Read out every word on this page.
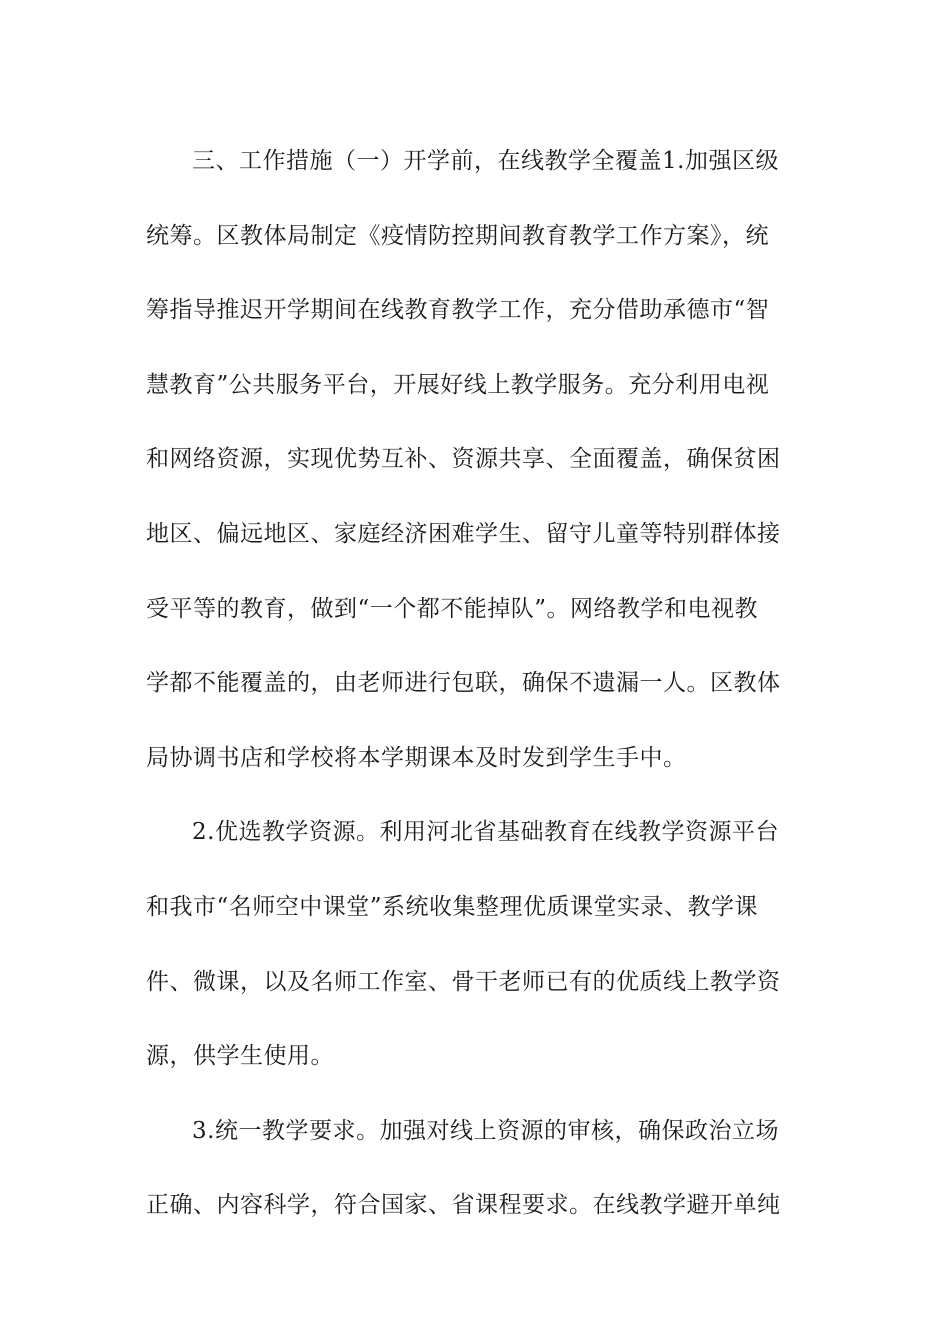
三、工作措施（一）开学前，在线教学全覆盖1.加强区级
统筹。区教体局制定《疫情防控期间教育教学工作方案》，统
筹指导推迟开学期间在线教育教学工作，充分借助承德市“智
慧教育”公共服务平台，开展好线上教学服务。充分利用电视
和网络资源，实现优势互补、资源共享、全面覆盖，确保贫困
地区、偏远地区、家庭经济困难学生、留守儿童等特别群体接
受平等的教育，做到“一个都不能掉队”。网络教学和电视教
学都不能覆盖的，由老师进行包联，确保不遗漏一人。区教体
局协调书店和学校将本学期课本及时发到学生手中。
2.优选教学资源。利用河北省基础教育在线教学资源平台
和我市“名师空中课堂”系统收集整理优质课堂实录、教学课
件、微课，以及名师工作室、骨干老师已有的优质线上教学资
源，供学生使用。
3.统一教学要求。加强对线上资源的审核，确保政治立场
正确、内容科学，符合国家、省课程要求。在线教学避开单纯
